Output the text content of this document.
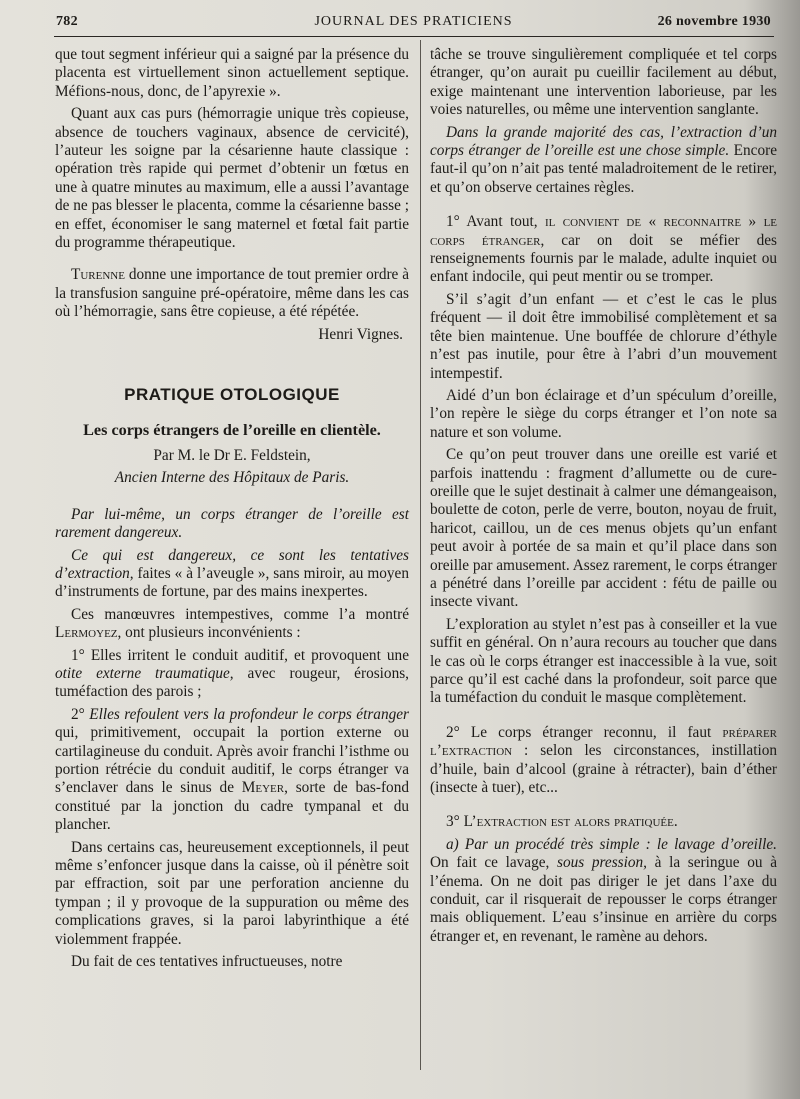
782	JOURNAL DES PRATICIENS	26 novembre 1930

que tout segment inférieur qui a saigné par la présence du placenta est virtuellement sinon actuellement septique. Méfions-nous, donc, de l’apyrexie ».

Quant aux cas purs (hémorragie unique très copieuse, absence de touchers vaginaux, absence de cervicité), l’auteur les soigne par la césarienne haute classique : opération très rapide qui permet d’obtenir un fœtus en une à quatre minutes au maximum, elle a aussi l’avantage de ne pas blesser le placenta, comme la césarienne basse ; en effet, économiser le sang maternel et fœtal fait partie du programme thérapeutique.

Turenne donne une importance de tout premier ordre à la transfusion sanguine pré-opératoire, même dans les cas où l’hémorragie, sans être copieuse, a été répétée.

Henri Vignes.

PRATIQUE OTOLOGIQUE

Les corps étrangers de l’oreille en clientèle.

Par M. le Dr E. Feldstein,

Ancien Interne des Hôpitaux de Paris.

Par lui-même, un corps étranger de l’oreille est rarement dangereux.

Ce qui est dangereux, ce sont les tentatives d’extraction, faites « à l’aveugle », sans miroir, au moyen d’instruments de fortune, par des mains inexpertes.

Ces manœuvres intempestives, comme l’a montré Lermoyez, ont plusieurs inconvénients :

1° Elles irritent le conduit auditif, et provoquent une otite externe traumatique, avec rougeur, érosions, tuméfaction des parois ;

2° Elles refoulent vers la profondeur le corps étranger qui, primitivement, occupait la portion externe ou cartilagineuse du conduit. Après avoir franchi l’isthme ou portion rétrécie du conduit auditif, le corps étranger va s’enclaver dans le sinus de Meyer, sorte de bas-fond constitué par la jonction du cadre tympanal et du plancher.

Dans certains cas, heureusement exceptionnels, il peut même s’enfoncer jusque dans la caisse, où il pénètre soit par effraction, soit par une perforation ancienne du tympan ; il y provoque de la suppuration ou même des complications graves, si la paroi labyrinthique a été violemment frappée.

Du fait de ces tentatives infructueuses, notre

tâche se trouve singulièrement compliquée et tel corps étranger, qu’on aurait pu cueillir facilement au début, exige maintenant une intervention laborieuse, par les voies naturelles, ou même une intervention sanglante.

Dans la grande majorité des cas, l’extraction d’un corps étranger de l’oreille est une chose simple. Encore faut-il qu’on n’ait pas tenté maladroitement de le retirer, et qu’on observe certaines règles.

1° Avant tout, il convient de « reconnaitre » le corps étranger, car on doit se méfier des renseignements fournis par le malade, adulte inquiet ou enfant indocile, qui peut mentir ou se tromper.

S’il s’agit d’un enfant — et c’est le cas le plus fréquent — il doit être immobilisé complètement et sa tête bien maintenue. Une bouffée de chlorure d’éthyle n’est pas inutile, pour être à l’abri d’un mouvement intempestif.

Aidé d’un bon éclairage et d’un spéculum d’oreille, l’on repère le siège du corps étranger et l’on note sa nature et son volume.

Ce qu’on peut trouver dans une oreille est varié et parfois inattendu : fragment d’allumette ou de cure-oreille que le sujet destinait à calmer une démangeaison, boulette de coton, perle de verre, bouton, noyau de fruit, haricot, caillou, un de ces menus objets qu’un enfant peut avoir à portée de sa main et qu’il place dans son oreille par amusement. Assez rarement, le corps étranger a pénétré dans l’oreille par accident : fétu de paille ou insecte vivant.

L’exploration au stylet n’est pas à conseiller et la vue suffit en général. On n’aura recours au toucher que dans le cas où le corps étranger est inaccessible à la vue, soit parce qu’il est caché dans la profondeur, soit parce que la tuméfaction du conduit le masque complètement.

2° Le corps étranger reconnu, il faut préparer l’extraction : selon les circonstances, instillation d’huile, bain d’alcool (graine à rétracter), bain d’éther (insecte à tuer), etc...

3° L’extraction est alors pratiquée.

a) Par un procédé très simple : le lavage d’oreille. On fait ce lavage, sous pression, à la seringue ou à l’énema. On ne doit pas diriger le jet dans l’axe du conduit, car il risquerait de repousser le corps étranger mais obliquement. L’eau s’insinue en arrière du corps étranger et, en revenant, le ramène au dehors.
